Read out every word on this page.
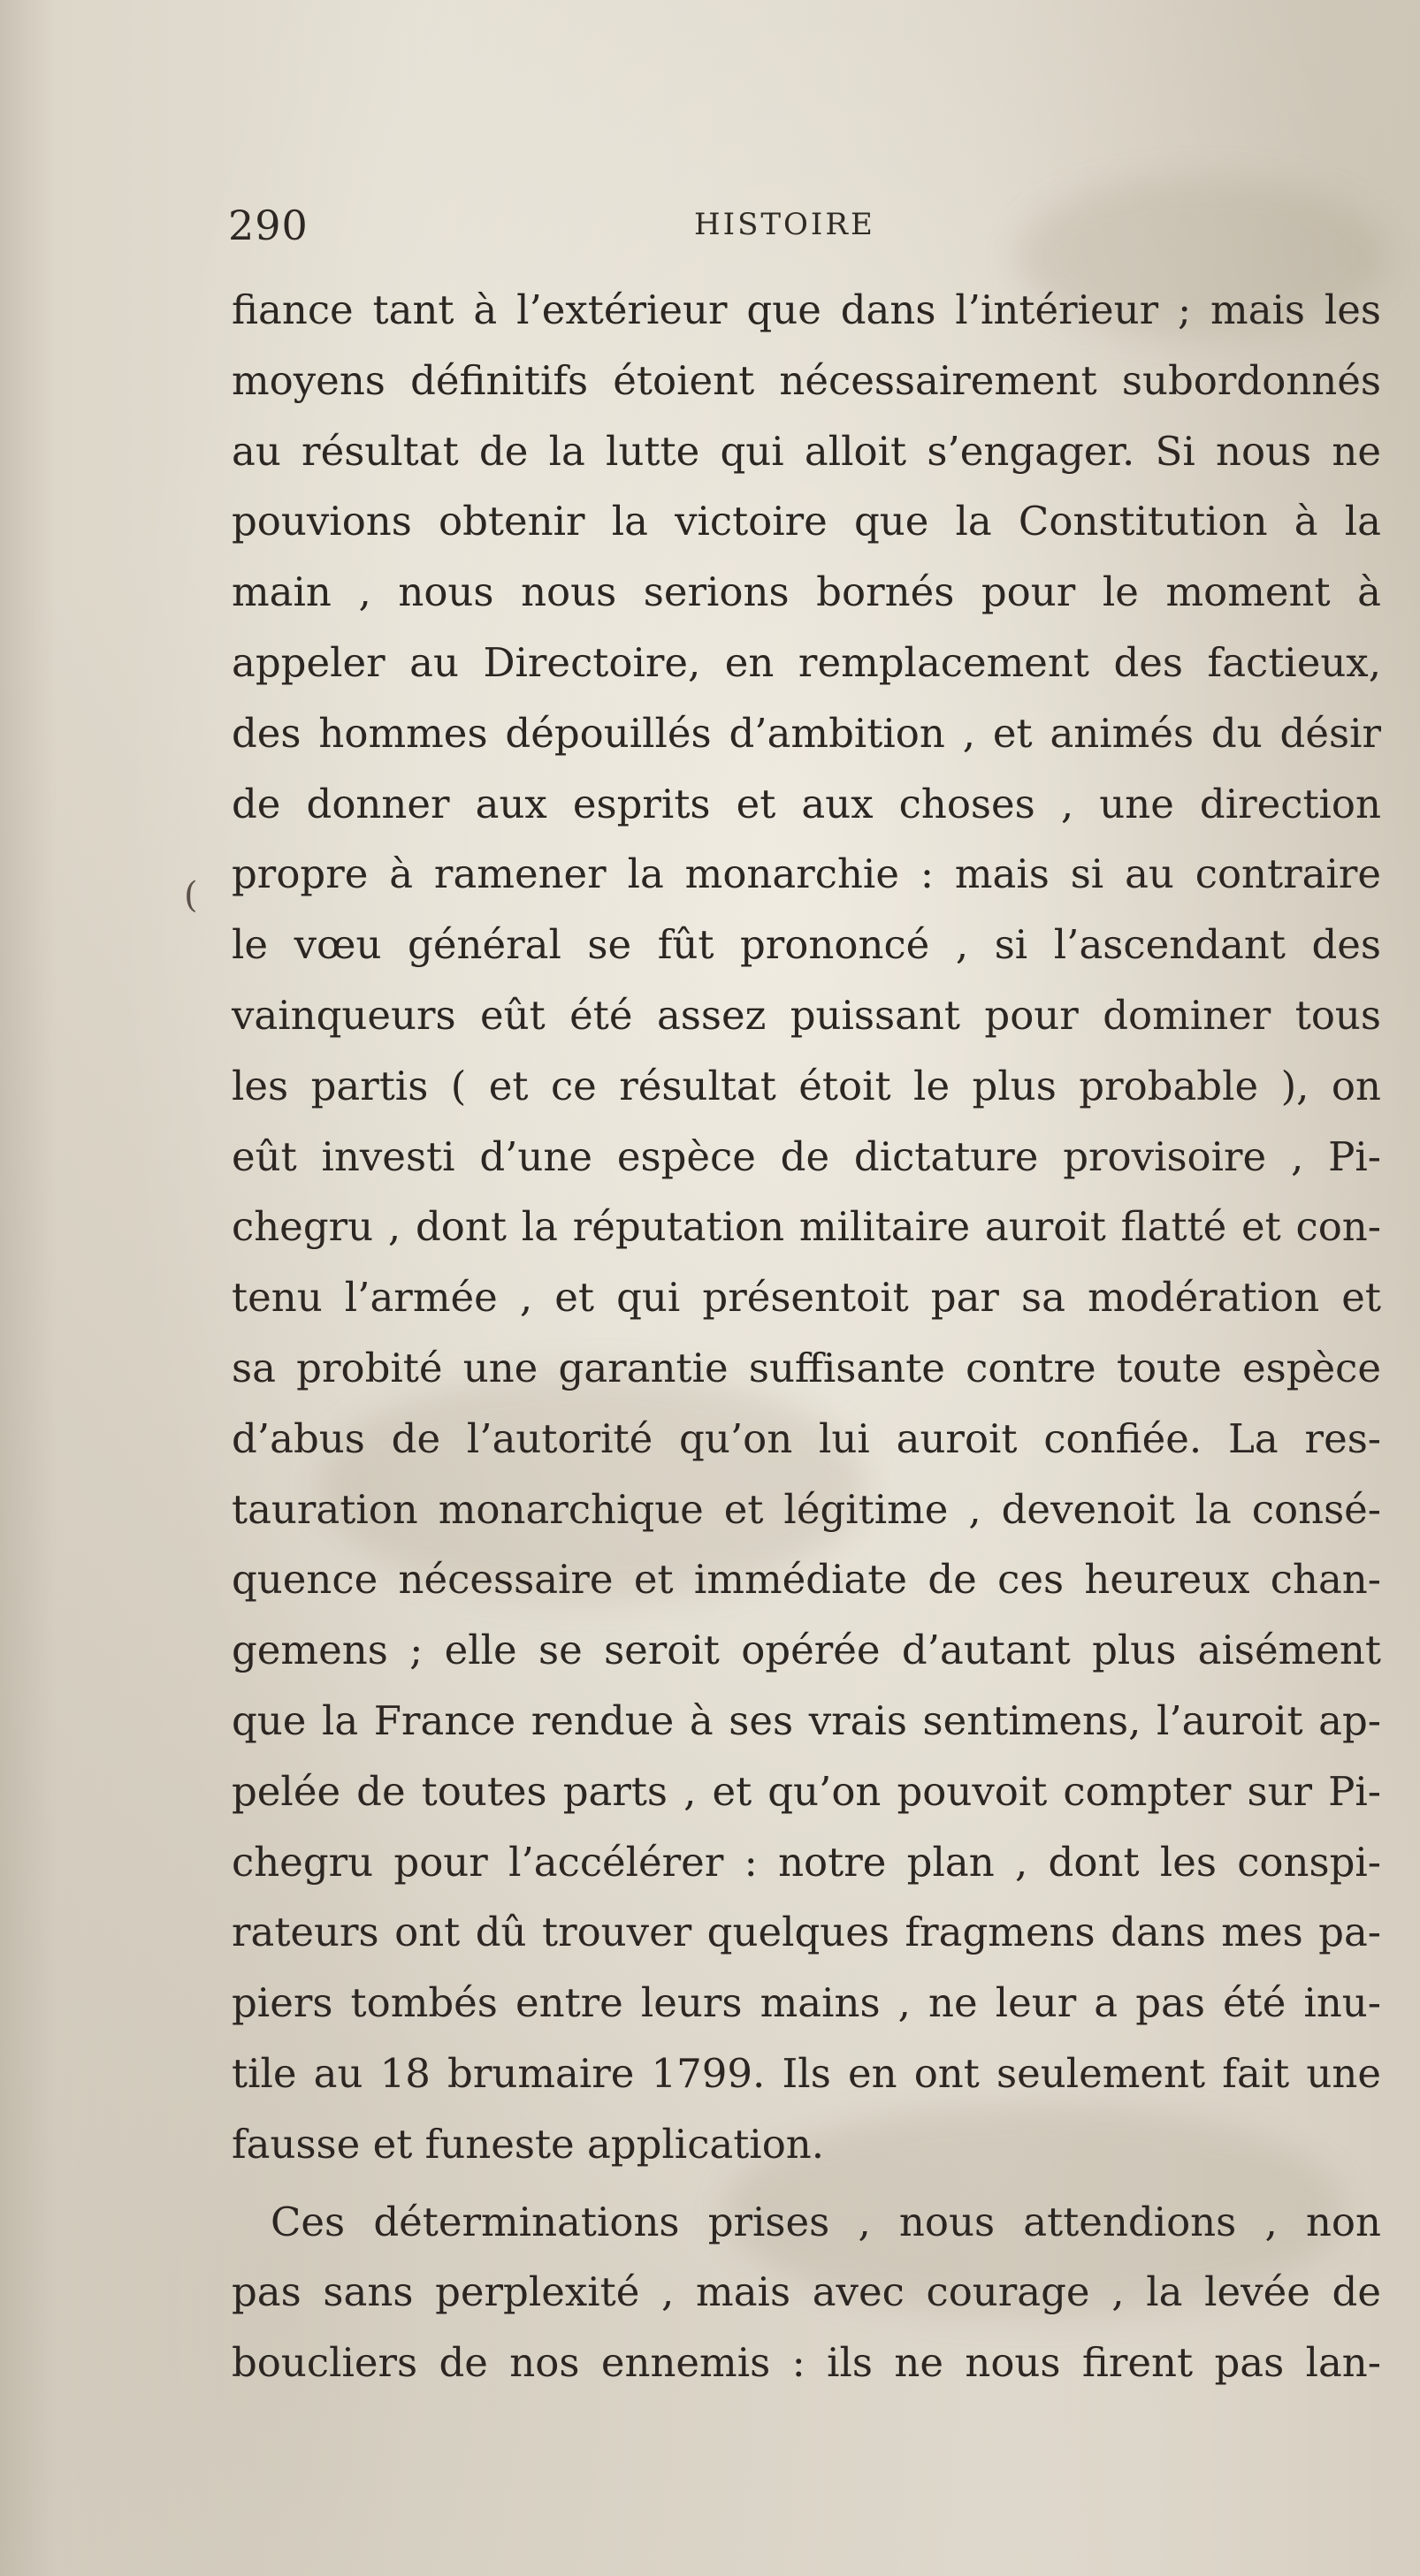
290	HISTOIRE
(
fiance tant à l’extérieur que dans l’intérieur ; mais les
moyens définitifs étoient nécessairement subordonnés
au résultat de la lutte qui alloit s’engager. Si nous ne
pouvions obtenir la victoire que la Constitution à la
main , nous nous serions bornés pour le moment à
appeler au Directoire, en remplacement des factieux,
des hommes dépouillés d’ambition , et animés du désir
de donner aux esprits et aux choses , une direction
propre à ramener la monarchie : mais si au contraire
le vœu général se fût prononcé , si l’ascendant des
vainqueurs eût été assez puissant pour dominer tous
les partis ( et ce résultat étoit le plus probable ), on
eût investi d’une espèce de dictature provisoire , Pi-
chegru , dont la réputation militaire auroit flatté et con-
tenu l’armée , et qui présentoit par sa modération et
sa probité une garantie suffisante contre toute espèce
d’abus de l’autorité qu’on lui auroit confiée. La res-
tauration monarchique et légitime , devenoit la consé-
quence nécessaire et immédiate de ces heureux chan-
gemens ; elle se seroit opérée d’autant plus aisément
que la France rendue à ses vrais sentimens, l’auroit ap-
pelée de toutes parts , et qu’on pouvoit compter sur Pi-
chegru pour l’accélérer : notre plan , dont les conspi-
rateurs ont dû trouver quelques fragmens dans mes pa-
piers tombés entre leurs mains , ne leur a pas été inu-
tile au 18 brumaire 1799. Ils en ont seulement fait une
fausse et funeste application.
Ces déterminations prises , nous attendions , non
pas sans perplexité , mais avec courage , la levée de
boucliers de nos ennemis : ils ne nous firent pas lan-
